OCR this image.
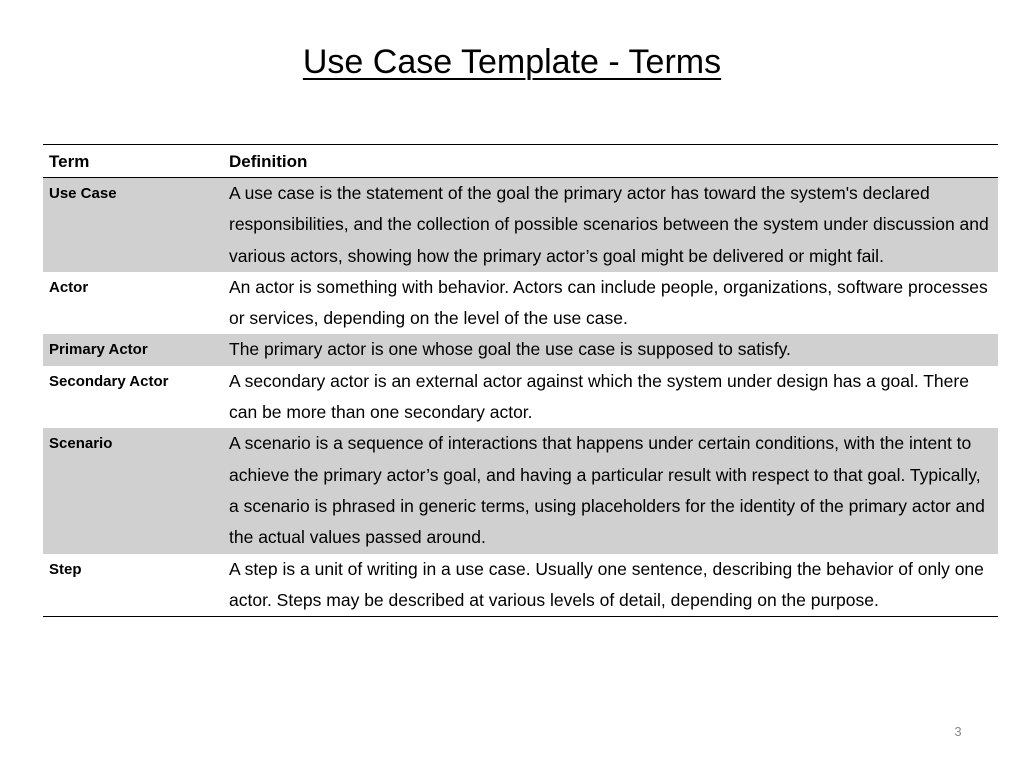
Use Case Template - Terms
Term	Definition
Use Case	A use case is the statement of the goal the primary actor has toward the system's declared responsibilities, and the collection of possible scenarios between the system under discussion and various actors, showing how the primary actor’s goal might be delivered or might fail.
Actor	An actor is something with behavior. Actors can include people, organizations, software processes or services, depending on the level of the use case.
Primary Actor	The primary actor is one whose goal the use case is supposed to satisfy.
Secondary Actor	A secondary actor is an external actor against which the system under design has a goal. There can be more than one secondary actor.
Scenario	A scenario is a sequence of interactions that happens under certain conditions, with the intent to achieve the primary actor’s goal, and having a particular result with respect to that goal. Typically, a scenario is phrased in generic terms, using placeholders for the identity of the primary actor and the actual values passed around.
Step	A step is a unit of writing in a use case. Usually one sentence, describing the behavior of only one actor. Steps may be described at various levels of detail, depending on the purpose.
3
